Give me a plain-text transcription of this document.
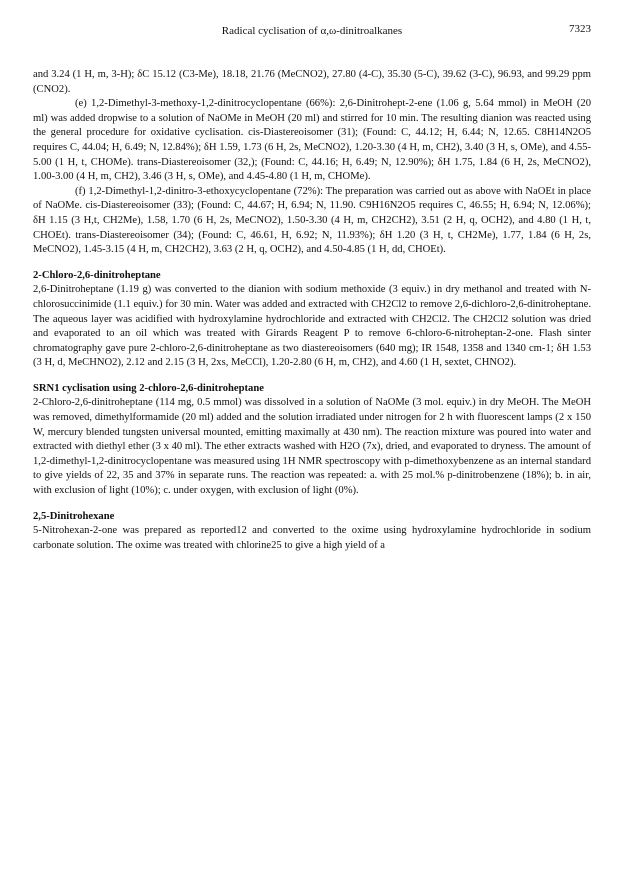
Radical cyclisation of α,ω-dinitroalkanes	7323

and 3.24 (1 H, m, 3-H); δC 15.12 (C3-Me), 18.18, 21.76 (MeCNO2), 27.80 (4-C), 35.30 (5-C), 39.62 (3-C), 96.93, and 99.29 ppm (CNO2).

(e) 1,2-Dimethyl-3-methoxy-1,2-dinitrocyclopentane (66%): 2,6-Dinitrohept-2-ene (1.06 g, 5.64 mmol) in MeOH (20 ml) was added dropwise to a solution of NaOMe in MeOH (20 ml) and stirred for 10 min. The resulting dianion was reacted using the general procedure for oxidative cyclisation. cis-Diastereoisomer (31); (Found: C, 44.12; H, 6.44; N, 12.65. C8H14N2O5 requires C, 44.04; H, 6.49; N, 12.84%); δH 1.59, 1.73 (6 H, 2s, MeCNO2), 1.20-3.30 (4 H, m, CH2), 3.40 (3 H, s, OMe), and 4.55-5.00 (1 H, t, CHOMe). trans-Diastereoisomer (32,); (Found: C, 44.16; H, 6.49; N, 12.90%); δH 1.75, 1.84 (6 H, 2s, MeCNO2), 1.00-3.00 (4 H, m, CH2), 3.46 (3 H, s, OMe), and 4.45-4.80 (1 H, m, CHOMe).

(f) 1,2-Dimethyl-1,2-dinitro-3-ethoxycyclopentane (72%): The preparation was carried out as above with NaOEt in place of NaOMe. cis-Diastereoisomer (33); (Found: C, 44.67; H, 6.94; N, 11.90. C9H16N2O5 requires C, 46.55; H, 6.94; N, 12.06%); δH 1.15 (3 H,t, CH2Me), 1.58, 1.70 (6 H, 2s, MeCNO2), 1.50-3.30 (4 H, m, CH2CH2), 3.51 (2 H, q, OCH2), and 4.80 (1 H, t, CHOEt). trans-Diastereoisomer (34); (Found: C, 46.61, H, 6.92; N, 11.93%); δH 1.20 (3 H, t, CH2Me), 1.77, 1.84 (6 H, 2s, MeCNO2), 1.45-3.15 (4 H, m, CH2CH2), 3.63 (2 H, q, OCH2), and 4.50-4.85 (1 H, dd, CHOEt).

2-Chloro-2,6-dinitroheptane

2,6-Dinitroheptane (1.19 g) was converted to the dianion with sodium methoxide (3 equiv.) in dry methanol and treated with N-chlorosuccinimide (1.1 equiv.) for 30 min. Water was added and extracted with CH2Cl2 to remove 2,6-dichloro-2,6-dinitroheptane. The aqueous layer was acidified with hydroxylamine hydrochloride and extracted with CH2Cl2. The CH2Cl2 solution was dried and evaporated to an oil which was treated with Girards Reagent P to remove 6-chloro-6-nitroheptan-2-one. Flash sinter chromatography gave pure 2-chloro-2,6-dinitroheptane as two diastereoisomers (640 mg); IR 1548, 1358 and 1340 cm-1; δH 1.53 (3 H, d, MeCHNO2), 2.12 and 2.15 (3 H, 2xs, MeCCl), 1.20-2.80 (6 H, m, CH2), and 4.60 (1 H, sextet, CHNO2).

SRN1 cyclisation using 2-chloro-2,6-dinitroheptane

2-Chloro-2,6-dinitroheptane (114 mg, 0.5 mmol) was dissolved in a solution of NaOMe (3 mol. equiv.) in dry MeOH. The MeOH was removed, dimethylformamide (20 ml) added and the solution irradiated under nitrogen for 2 h with fluorescent lamps (2 x 150 W, mercury blended tungsten universal mounted, emitting maximally at 430 nm). The reaction mixture was poured into water and extracted with diethyl ether (3 x 40 ml). The ether extracts washed with H2O (7x), dried, and evaporated to dryness. The amount of 1,2-dimethyl-1,2-dinitrocyclopentane was measured using 1H NMR spectroscopy with p-dimethoxybenzene as an internal standard to give yields of 22, 35 and 37% in separate runs. The reaction was repeated: a. with 25 mol.% p-dinitrobenzene (18%); b. in air, with exclusion of light (10%); c. under oxygen, with exclusion of light (0%).

2,5-Dinitrohexane

5-Nitrohexan-2-one was prepared as reported12 and converted to the oxime using hydroxylamine hydrochloride in sodium carbonate solution. The oxime was treated with chlorine25 to give a high yield of a
